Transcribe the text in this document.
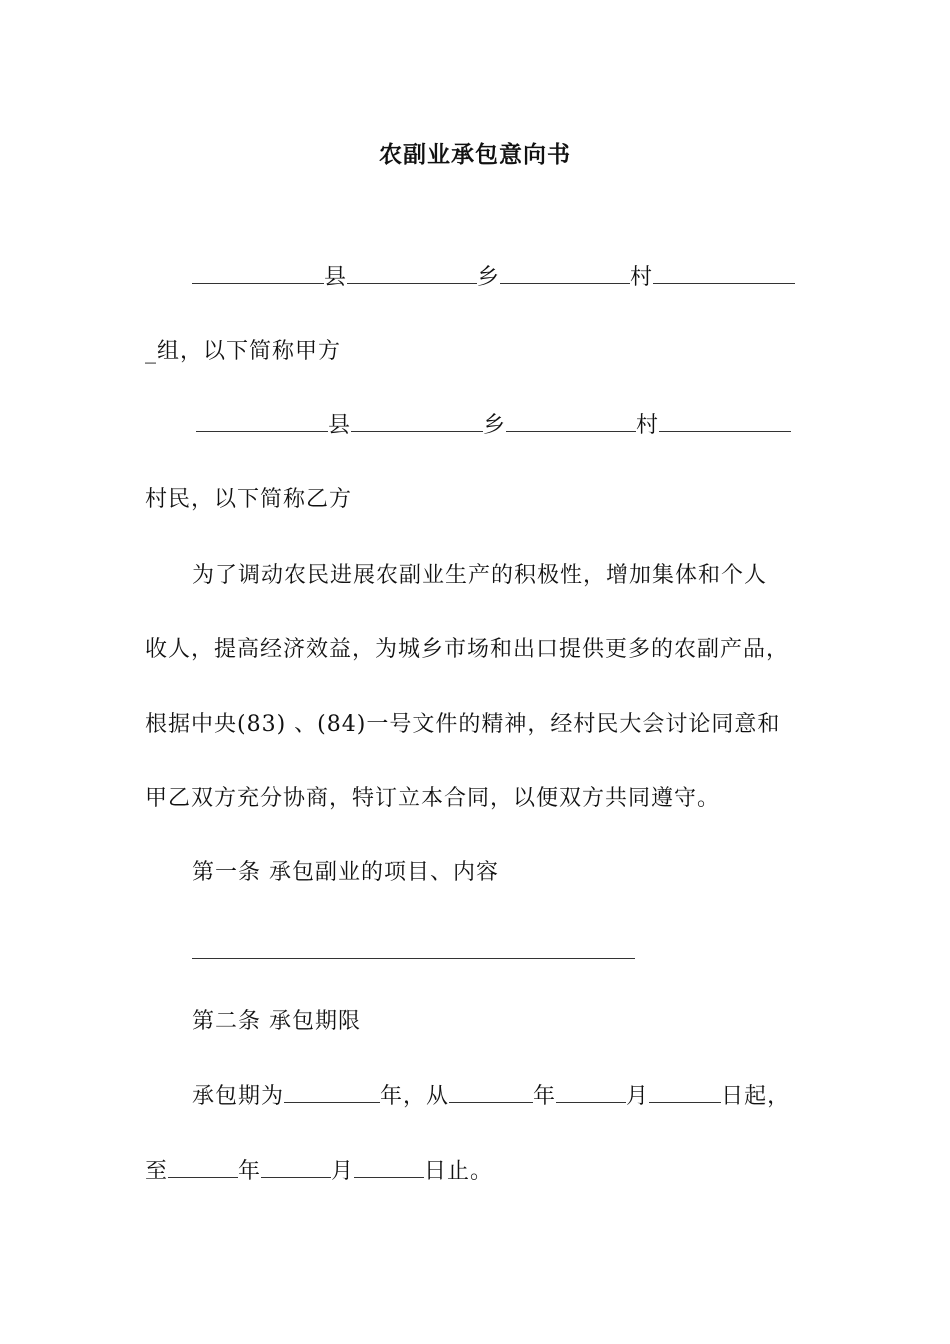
农副业承包意向书
县	乡	村
_组，以下简称甲方
县	乡	村
村民，以下简称乙方
为了调动农民进展农副业生产的积极性，增加集体和个人
收人，提高经济效益，为城乡市场和出口提供更多的农副产品，
根据中央(83) 、(84)一号文件的精神，经村民大会讨论同意和
甲乙双方充分协商，特订立本合同，以便双方共同遵守。
第一条 承包副业的项目、内容
第二条 承包期限
承包期为	年，从	年	月	日起，
至	年	月	日止。
